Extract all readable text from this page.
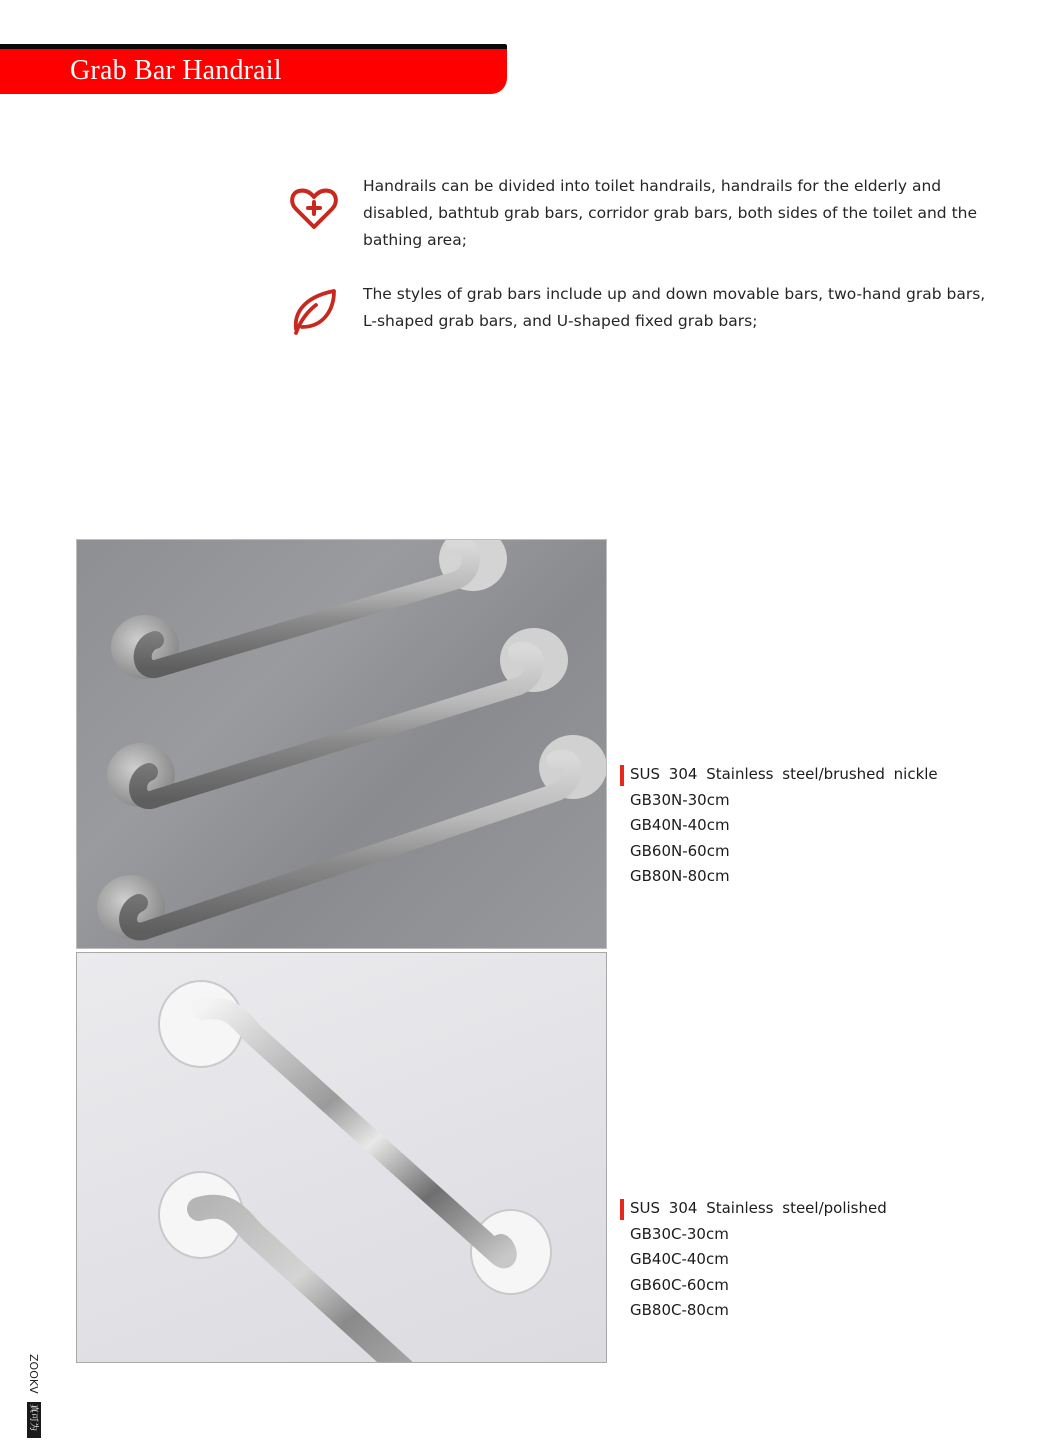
Grab Bar Handrail
Handrails can be divided into toilet handrails, handrails for the elderly and disabled, bathtub grab bars, corridor grab bars, both sides of the toilet and the bathing area;
The styles of grab bars include up and down movable bars, two-hand grab bars, L-shaped grab bars, and U-shaped fixed grab bars;
SUS 304 Stainless steel/brushed nickle
GB30N-30cm
GB40N-40cm
GB60N-60cm
GB80N-80cm
SUS 304 Stainless steel/polished
GB30C-30cm
GB40C-40cm
GB60C-60cm
GB80C-80cm
ZOOKV
真可为
